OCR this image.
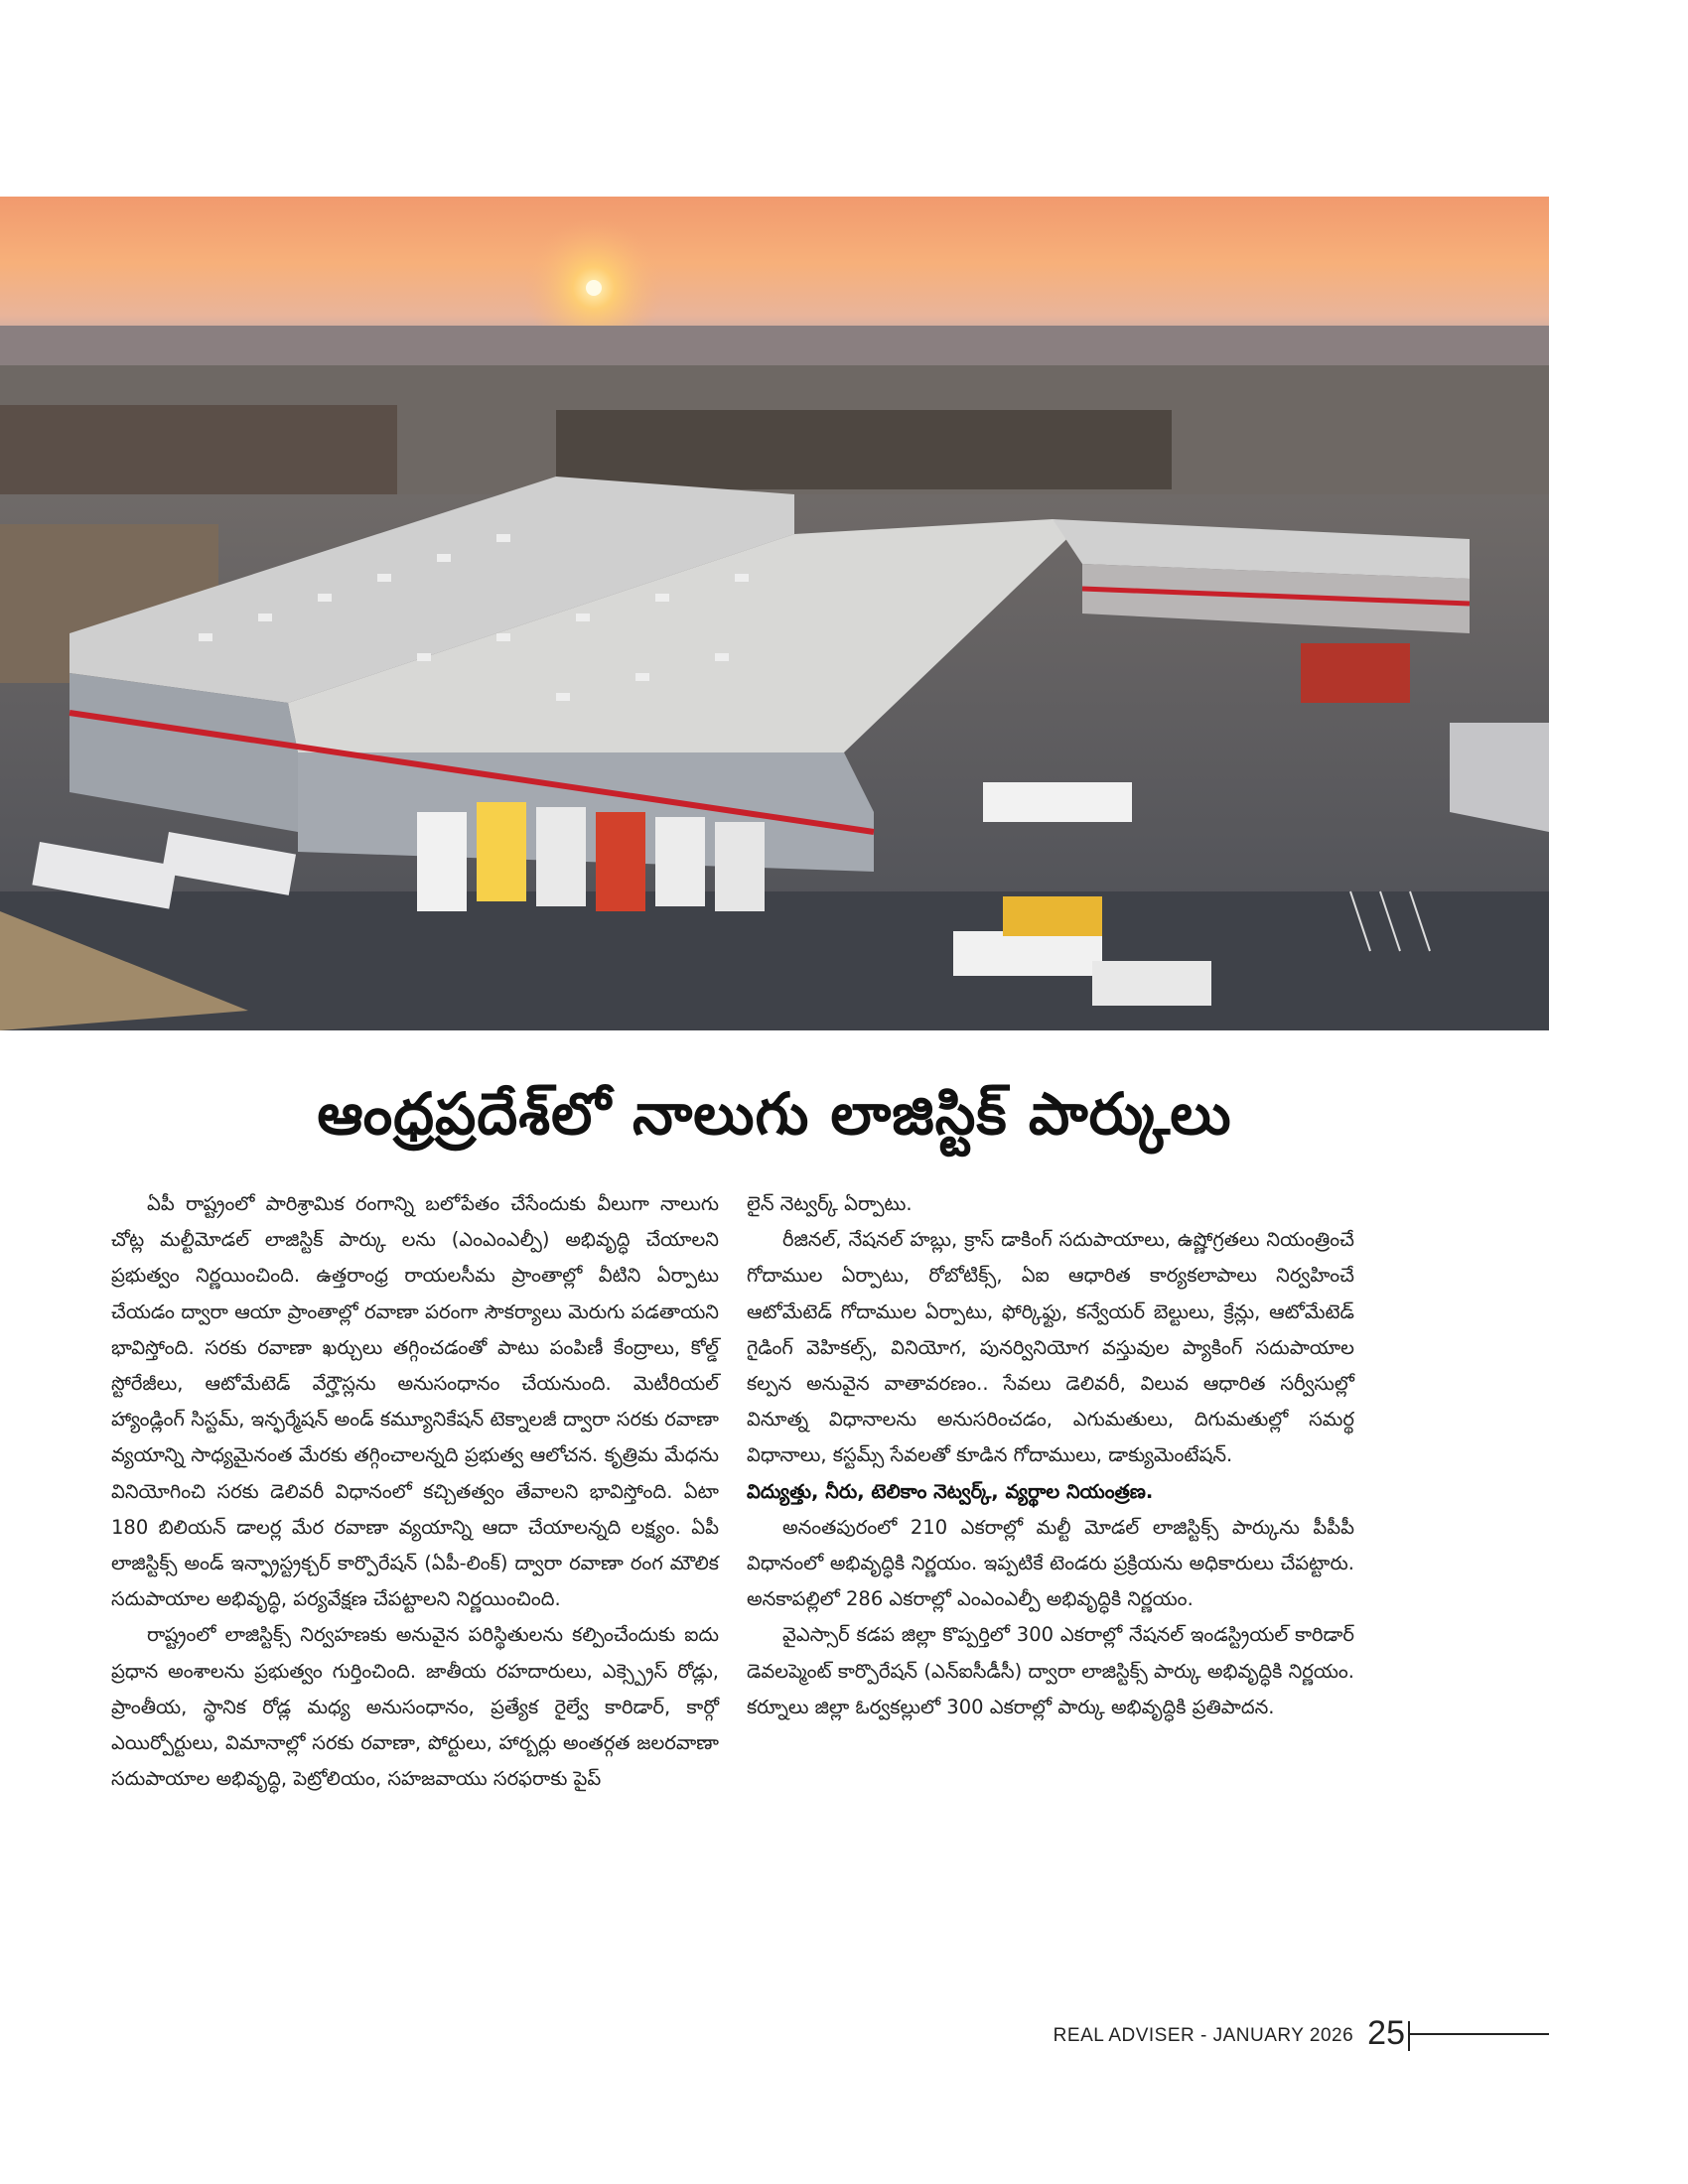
ఆంధ్రప్రదేశ్‌లో నాలుగు లాజిస్టిక్ పార్కులు

ఏపీ రాష్ట్రంలో పారిశ్రామిక రంగాన్ని బలోపేతం చేసేందుకు వీలుగా నాలుగు చోట్ల మల్టీమోడల్ లాజిస్టిక్ పార్కు లను (ఎంఎంఎల్పీ) అభివృద్ధి చేయాలని ప్రభుత్వం నిర్ణయించింది. ఉత్తరాంధ్ర రాయలసీమ ప్రాంతాల్లో వీటిని ఏర్పాటు చేయడం ద్వారా ఆయా ప్రాంతాల్లో రవాణా పరంగా సౌకర్యాలు మెరుగు పడతాయని భావిస్తోంది. సరకు రవాణా ఖర్చులు తగ్గించడంతో పాటు పంపిణీ కేంద్రాలు, కోల్డ్ స్టోరేజీలు, ఆటోమేటెడ్ వేర్హౌస్లను అనుసంధానం చేయనుంది. మెటీరియల్ హ్యాండ్లింగ్ సిస్టమ్, ఇన్ఫర్మేషన్ అండ్ కమ్యూనికేషన్ టెక్నాలజీ ద్వారా సరకు రవాణా వ్యయాన్ని సాధ్యమైనంత మేరకు తగ్గించాలన్నది ప్రభుత్వ ఆలోచన. కృత్రిమ మేధను వినియోగించి సరకు డెలివరీ విధానంలో కచ్చితత్వం తేవాలని భావిస్తోంది. ఏటా 180 బిలియన్ డాలర్ల మేర రవాణా వ్యయాన్ని ఆదా చేయాలన్నది లక్ష్యం. ఏపీ లాజిస్టిక్స్ అండ్ ఇన్ఫ్రాస్ట్రక్చర్ కార్పొరేషన్ (ఏపీ-లింక్) ద్వారా రవాణా రంగ మౌలిక సదుపాయాల అభివృద్ధి, పర్యవేక్షణ చేపట్టాలని నిర్ణయించింది.

రాష్ట్రంలో లాజిస్టిక్స్ నిర్వహణకు అనువైన పరిస్థితులను కల్పించేందుకు ఐదు ప్రధాన అంశాలను ప్రభుత్వం గుర్తించింది. జాతీయ రహదారులు, ఎక్స్ప్రెస్ రోడ్లు, ప్రాంతీయ, స్థానిక రోడ్ల మధ్య అనుసంధానం, ప్రత్యేక రైల్వే కారిడార్, కార్గో ఎయిర్పోర్టులు, విమానాల్లో సరకు రవాణా, పోర్టులు, హార్బర్లు అంతర్గత జలరవాణా సదుపాయాల అభివృద్ధి, పెట్రోలియం, సహజవాయు సరఫరాకు పైప్

లైన్ నెట్వర్క్ ఏర్పాటు.

రీజినల్, నేషనల్ హబ్లు, క్రాస్ డాకింగ్ సదుపాయాలు, ఉష్ణోగ్రతలు నియంత్రించే గోదాముల ఏర్పాటు, రోబోటిక్స్, ఏఐ ఆధారిత కార్యకలాపాలు నిర్వహించే ఆటోమేటెడ్ గోదాముల ఏర్పాటు, ఫోర్కిఫ్టు, కన్వేయర్ బెల్టులు, క్రేన్లు, ఆటోమేటెడ్ గైడింగ్ వెహికల్స్, వినియోగ, పునర్వినియోగ వస్తువుల ప్యాకింగ్ సదుపాయాల కల్పన అనువైన వాతావరణం.. సేవలు డెలివరీ, విలువ ఆధారిత సర్వీసుల్లో వినూత్న విధానాలను అనుసరించడం, ఎగుమతులు, దిగుమతుల్లో సమర్థ విధానాలు, కస్టమ్స్ సేవలతో కూడిన గోదాములు, డాక్యుమెంటేషన్.

విద్యుత్తు, నీరు, టెలికాం నెట్వర్క్, వ్యర్థాల నియంత్రణ.

అనంతపురంలో 210 ఎకరాల్లో మల్టీ మోడల్ లాజిస్టిక్స్ పార్కును పీపీపీ విధానంలో అభివృద్ధికి నిర్ణయం. ఇప్పటికే టెండరు ప్రక్రియను అధికారులు చేపట్టారు. అనకాపల్లిలో 286 ఎకరాల్లో ఎంఎంఎల్పీ అభివృద్ధికి నిర్ణయం.

వైఎస్సార్ కడప జిల్లా కొప్పర్తిలో 300 ఎకరాల్లో నేషనల్ ఇండస్ట్రియల్ కారిడార్ డెవలప్మెంట్ కార్పొరేషన్ (ఎన్ఐసీడీసీ) ద్వారా లాజిస్టిక్స్ పార్కు అభివృద్ధికి నిర్ణయం. కర్నూలు జిల్లా ఓర్వకల్లులో 300 ఎకరాల్లో పార్కు అభివృద్ధికి ప్రతిపాదన.

REAL ADVISER - JANUARY 2026 25
